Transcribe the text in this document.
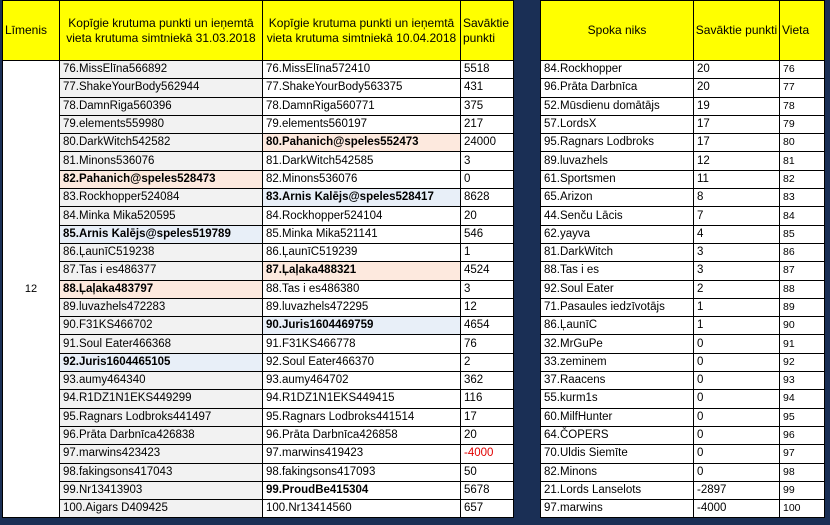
Līmenis	Kopīgie krutuma punkti un ieņemtā vieta krutuma simtniekā 31.03.2018	Kopīgie krutuma punkti un ieņemtā vieta krutuma simtniekā 10.04.2018	Savāktie punkti
12	76.MissElīna566892	76.MissElīna572410	5518
	77.ShakeYourBody562944	77.ShakeYourBody563375	431
	78.DamnRiga560396	78.DamnRiga560771	375
	79.elements559980	79.elements560197	217
	80.DarkWitch542582	80.Pahanich@speles552473	24000
	81.Minons536076	81.DarkWitch542585	3
	82.Pahanich@speles528473	82.Minons536076	0
	83.Rockhopper524084	83.Arnis Kalējs@speles528417	8628
	84.Minka Mika520595	84.Rockhopper524104	20
	85.Arnis Kalējs@speles519789	85.Minka Mika521141	546
	86.ĻaunīC519238	86.ĻaunīC519239	1
	87.Tas i es486377	87.Ļaļaka488321	4524
	88.Ļaļaka483797	88.Tas i es486380	3
	89.luvazhels472283	89.luvazhels472295	12
	90.F31KS466702	90.Juris1604469759	4654
	91.Soul Eater466368	91.F31KS466778	76
	92.Juris1604465105	92.Soul Eater466370	2
	93.aumy464340	93.aumy464702	362
	94.R1DZ1N1EKS449299	94.R1DZ1N1EKS449415	116
	95.Ragnars Lodbroks441497	95.Ragnars Lodbroks441514	17
	96.Prāta Darbnīca426838	96.Prāta Darbnīca426858	20
	97.marwins423423	97.marwins419423	-4000
	98.fakingsons417043	98.fakingsons417093	50
	99.Nr13413903	99.ProudBe415304	5678
	100.Aigars D409425	100.Nr13414560	657
Spoka niks	Savāktie punkti	Vieta
84.Rockhopper	20	76
96.Prāta Darbnīca	20	77
52.Mūsdienu domātājs	19	78
57.LordsX	17	79
95.Ragnars Lodbroks	17	80
89.luvazhels	12	81
61.Sportsmen	11	82
65.Arizon	8	83
44.Senču Lācis	7	84
62.yayva	4	85
81.DarkWitch	3	86
88.Tas i es	3	87
92.Soul Eater	2	88
71.Pasaules iedzīvotājs	1	89
86.ĻaunīC	1	90
32.MrGuPe	0	91
33.zeminem	0	92
37.Raacens	0	93
55.kurm1s	0	94
60.MilfHunter	0	95
64.ČOPERS	0	96
70.Uldis Siemīte	0	97
82.Minons	0	98
21.Lords Lanselots	-2897	99
97.marwins	-4000	100
